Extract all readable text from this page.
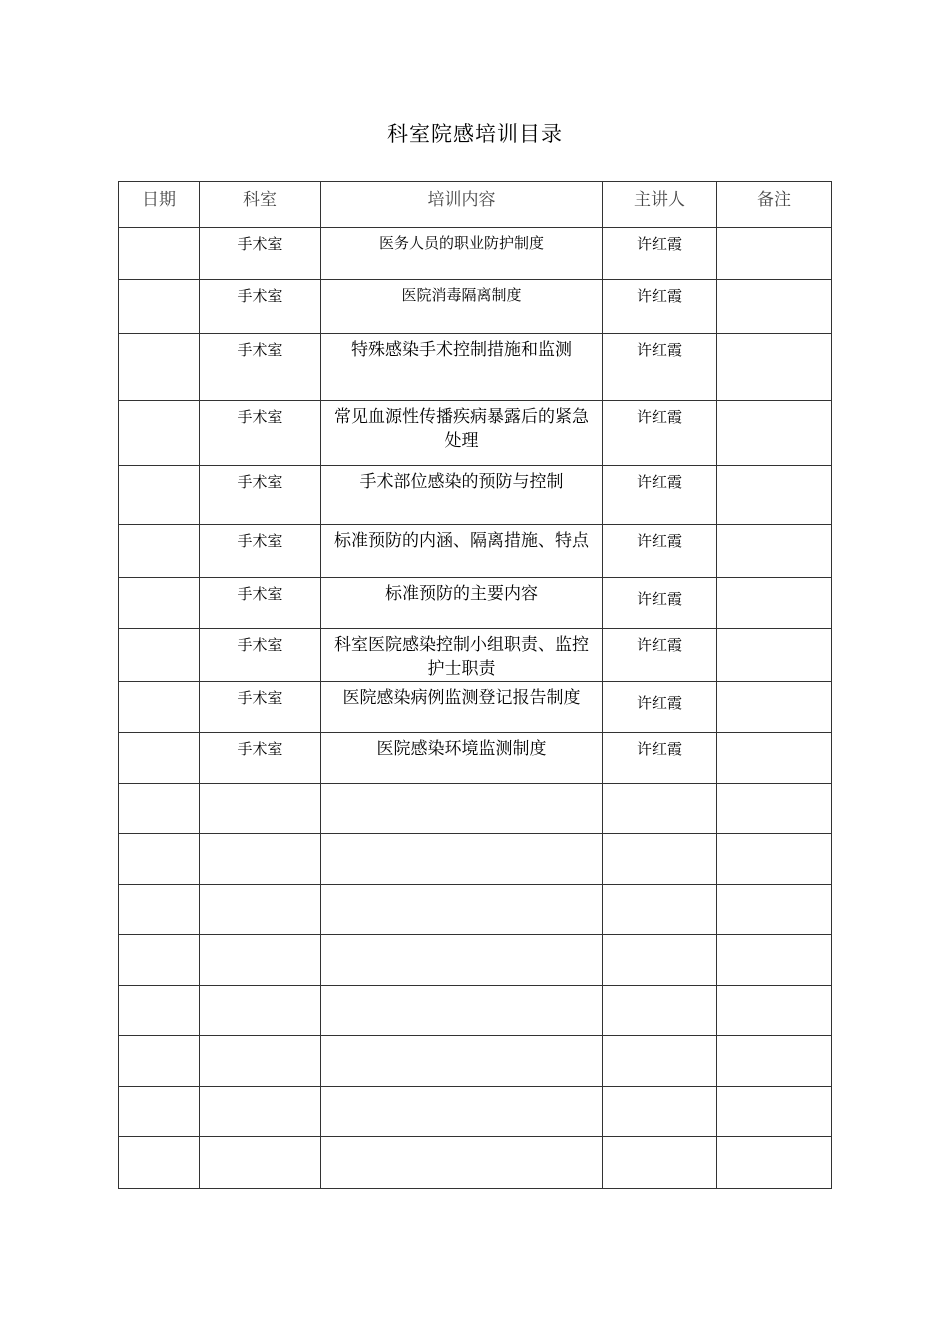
科室院感培训目录
日期	科室	培训内容	主讲人	备注

	手术室	医务人员的职业防护制度	许红霞	

	手术室	医院消毒隔离制度	许红霞	

	手术室	特殊感染手术控制措施和监测	许红霞	

	手术室	常见血源性传播疾病暴露后的紧急处理	许红霞	

	手术室	手术部位感染的预防与控制	许红霞	

	手术室	标准预防的内涵、隔离措施、特点	许红霞	

	手术室	标准预防的主要内容	许红霞	

	手术室	科室医院感染控制小组职责、监控护士职责	许红霞	

	手术室	医院感染病例监测登记报告制度	许红霞	

	手术室	医院感染环境监测制度	许红霞	
